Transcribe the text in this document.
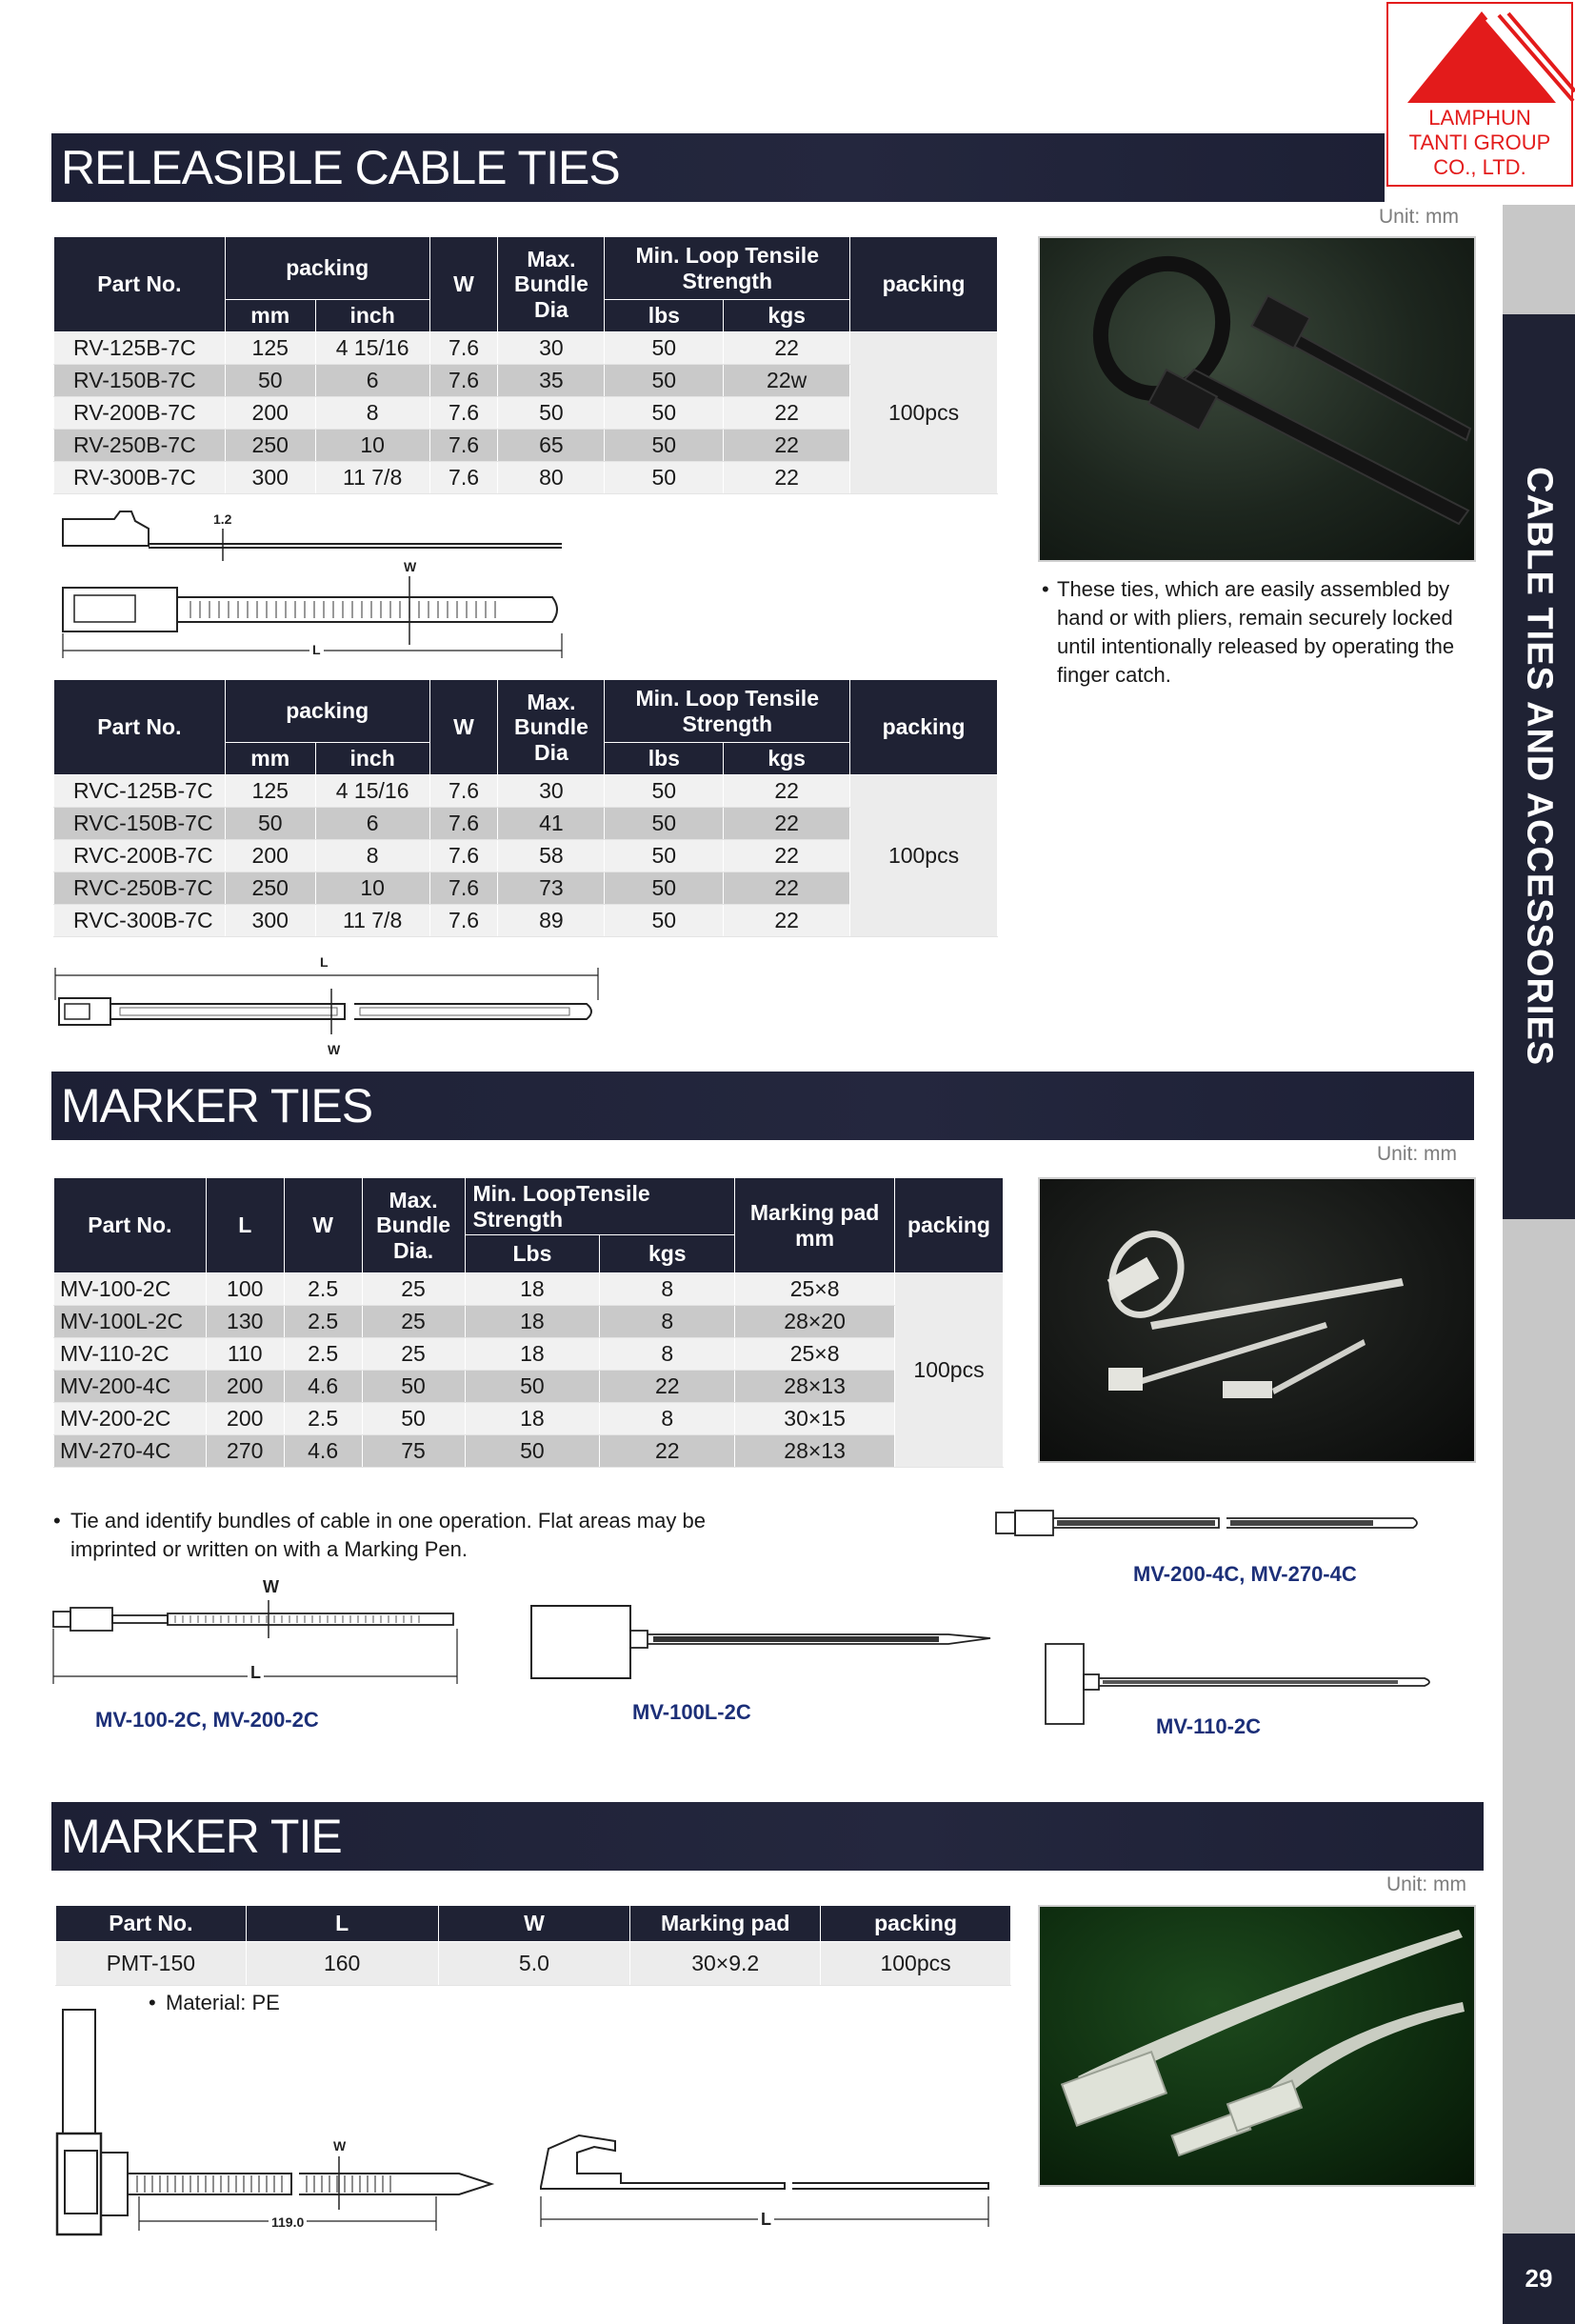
LAMPHUN
TANTI GROUP
CO., LTD.
CABLE TIES AND ACCESSORIES
29
RELEASIBLE CABLE TIES
Unit: mm
Part No.	packing		W	Max. Bundle Dia	Min. Loop Tensile Strength		packing
	mm	inch			lbs	kgs	
RV-125B-7C	125	4 15/16	7.6	30	50	22	100pcs
RV-150B-7C	50	6	7.6	35	50	22w	
RV-200B-7C	200	8	7.6	50	50	22	
RV-250B-7C	250	10	7.6	65	50	22	
RV-300B-7C	300	11 7/8	7.6	80	50	22	
1.2
W
L
Part No.	packing		W	Max. Bundle Dia	Min. Loop Tensile Strength		packing
	mm	inch			lbs	kgs	
RVC-125B-7C	125	4 15/16	7.6	30	50	22	100pcs
RVC-150B-7C	50	6	7.6	41	50	22	
RVC-200B-7C	200	8	7.6	58	50	22	
RVC-250B-7C	250	10	7.6	73	50	22	
RVC-300B-7C	300	11 7/8	7.6	89	50	22	
L
W
• These ties, which are easily assembled by hand or with pliers, remain securely locked until intentionally released by operating the finger catch.
MARKER TIES
Unit: mm
Part No.	L	W	Max. Bundle Dia.	Min. LoopTensile Strength		Marking pad mm	packing
				Lbs	kgs		
MV-100-2C	100	2.5	25	18	8	25×8	100pcs
MV-100L-2C	130	2.5	25	18	8	28×20	
MV-110-2C	110	2.5	25	18	8	25×8	
MV-200-4C	200	4.6	50	50	22	28×13	
MV-200-2C	200	2.5	50	18	8	30×15	
MV-270-4C	270	4.6	75	50	22	28×13	
• Tie and identify bundles of cable in one operation. Flat areas may be imprinted or written on with a Marking Pen.
W
L
MV-100-2C, MV-200-2C	MV-100L-2C
MV-200-4C, MV-270-4C
MV-110-2C
MARKER TIE
Unit: mm
Part No.	L	W	Marking pad	packing
PMT-150	160	5.0	30×9.2	100pcs
• Material: PE
W
119.0	L
